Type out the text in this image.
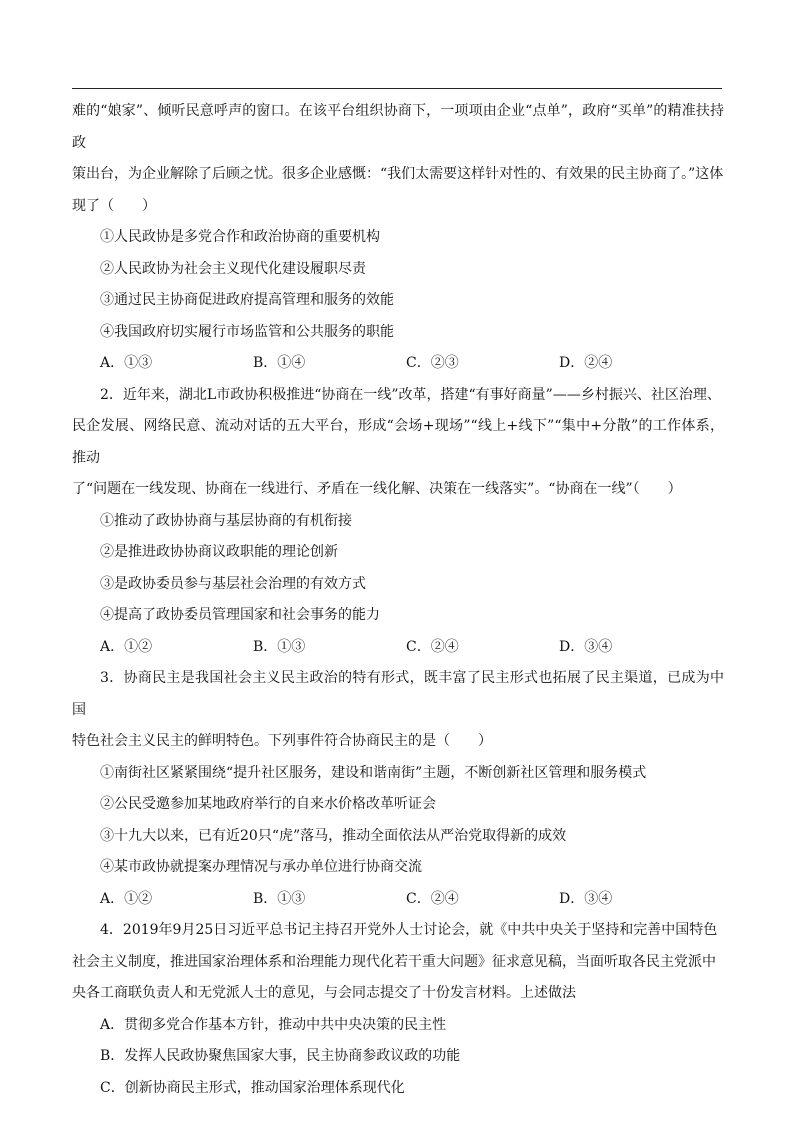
难的“娘家”、倾听民意呼声的窗口。在该平台组织协商下，一项项由企业“点单”，政府“买单”的精准扶持政

策出台，为企业解除了后顾之忧。很多企业感慨：“我们太需要这样针对性的、有效果的民主协商了。”这体

现了（　　）

①人民政协是多党合作和政治协商的重要机构

②人民政协为社会主义现代化建设履职尽责

③通过民主协商促进政府提高管理和服务的效能

④我国政府切实履行市场监管和公共服务的职能

A．①③	B．①④	C．②③	D．②④

2．近年来，湖北L市政协积极推进“协商在一线”改革，搭建“有事好商量”——乡村振兴、社区治理、

民企发展、网络民意、流动对话的五大平台，形成“会场+现场”“线上+线下”“集中+分散”的工作体系，推动

了“问题在一线发现、协商在一线进行、矛盾在一线化解、决策在一线落实”。“协商在一线”（　　）

①推动了政协协商与基层协商的有机衔接

②是推进政协协商议政职能的理论创新

③是政协委员参与基层社会治理的有效方式

④提高了政协委员管理国家和社会事务的能力

A．①②	B．①③	C．②④	D．③④

3．协商民主是我国社会主义民主政治的特有形式，既丰富了民主形式也拓展了民主渠道，已成为中国

特色社会主义民主的鲜明特色。下列事件符合协商民主的是（　　）

①南街社区紧紧围绕“提升社区服务，建设和谐南街”主题，不断创新社区管理和服务模式

②公民受邀参加某地政府举行的自来水价格改革听证会

③十九大以来，已有近20只“虎”落马，推动全面依法从严治党取得新的成效

④某市政协就提案办理情况与承办单位进行协商交流

A．①②	B．①③	C．②④	D．③④

4．2019年9月25日习近平总书记主持召开党外人士讨论会，就《中共中央关于坚持和完善中国特色

社会主义制度，推进国家治理体系和治理能力现代化若干重大问题》征求意见稿，当面听取各民主党派中

央各工商联负责人和无党派人士的意见，与会同志提交了十份发言材料。上述做法

A．贯彻多党合作基本方针，推动中共中央决策的民主性

B．发挥人民政协聚焦国家大事，民主协商参政议政的功能

C．创新协商民主形式，推动国家治理体系现代化
